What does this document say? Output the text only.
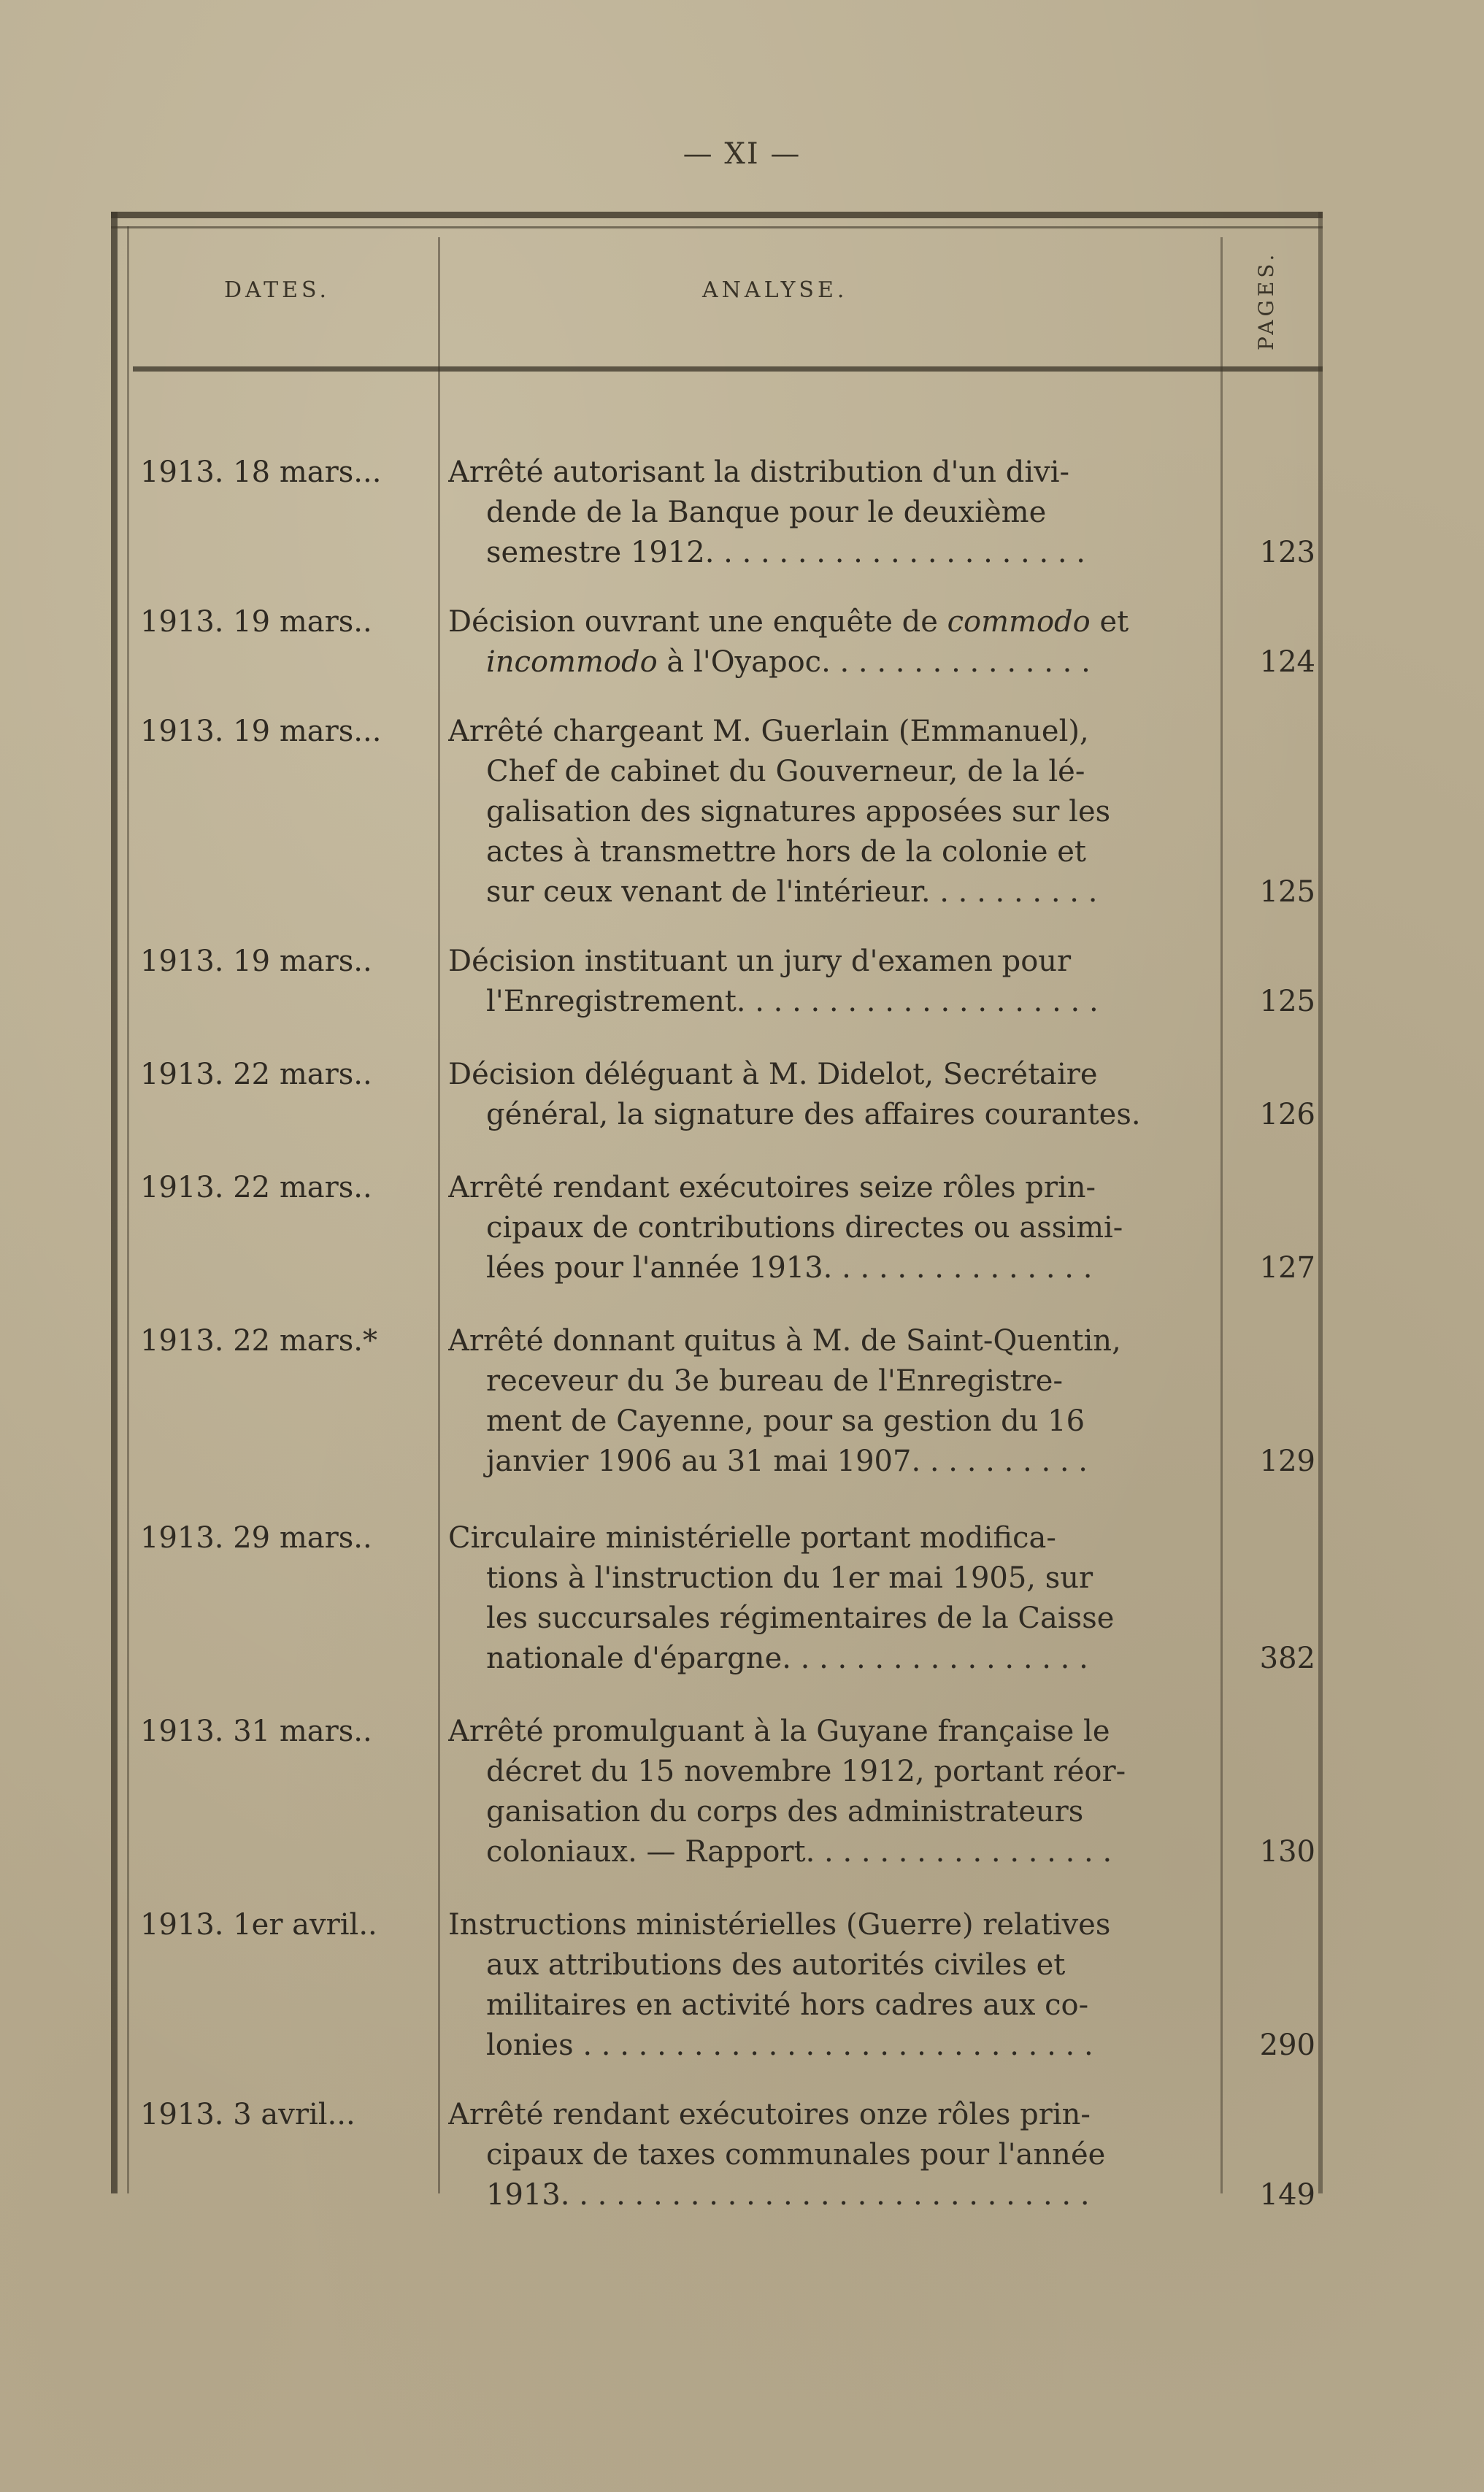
— XI —
DATES.	ANALYSE.	PAGES.
1913. 18 mars...	Arrêté autorisant la distribution d'un divi-
dende de la Banque pour le deuxième
semestre 1912. . . . . . . . . . . . . . . . . . . . .	123
1913. 19 mars..	Décision ouvrant une enquête de commodo et
incommodo à l'Oyapoc. . . . . . . . . . . . . . .	124
1913. 19 mars...	Arrêté chargeant M. Guerlain (Emmanuel),
Chef de cabinet du Gouverneur, de la lé-
galisation des signatures apposées sur les
actes à transmettre hors de la colonie et
sur ceux venant de l'intérieur. . . . . . . . . .	125
1913. 19 mars..	Décision instituant un jury d'examen pour
l'Enregistrement. . . . . . . . . . . . . . . . . . . .	125
1913. 22 mars..	Décision déléguant à M. Didelot, Secrétaire
général, la signature des affaires courantes.	126
1913. 22 mars..	Arrêté rendant exécutoires seize rôles prin-
cipaux de contributions directes ou assimi-
lées pour l'année 1913. . . . . . . . . . . . . . .	127
1913. 22 mars.*	Arrêté donnant quitus à M. de Saint-Quentin,
receveur du 3e bureau de l'Enregistre-
ment de Cayenne, pour sa gestion du 16
janvier 1906 au 31 mai 1907. . . . . . . . . .	129
1913. 29 mars..	Circulaire ministérielle portant modifica-
tions à l'instruction du 1er mai 1905, sur
les succursales régimentaires de la Caisse
nationale d'épargne. . . . . . . . . . . . . . . . .	382
1913. 31 mars..	Arrêté promulguant à la Guyane française le
décret du 15 novembre 1912, portant réor-
ganisation du corps des administrateurs
coloniaux. — Rapport. . . . . . . . . . . . . . . . .	130
1913. 1er avril..	Instructions ministérielles (Guerre) relatives
aux attributions des autorités civiles et
militaires en activité hors cadres aux co-
lonies . . . . . . . . . . . . . . . . . . . . . . . . . . . .	290
1913. 3 avril...	Arrêté rendant exécutoires onze rôles prin-
cipaux de taxes communales pour l'année
1913. . . . . . . . . . . . . . . . . . . . . . . . . . . . .	149
